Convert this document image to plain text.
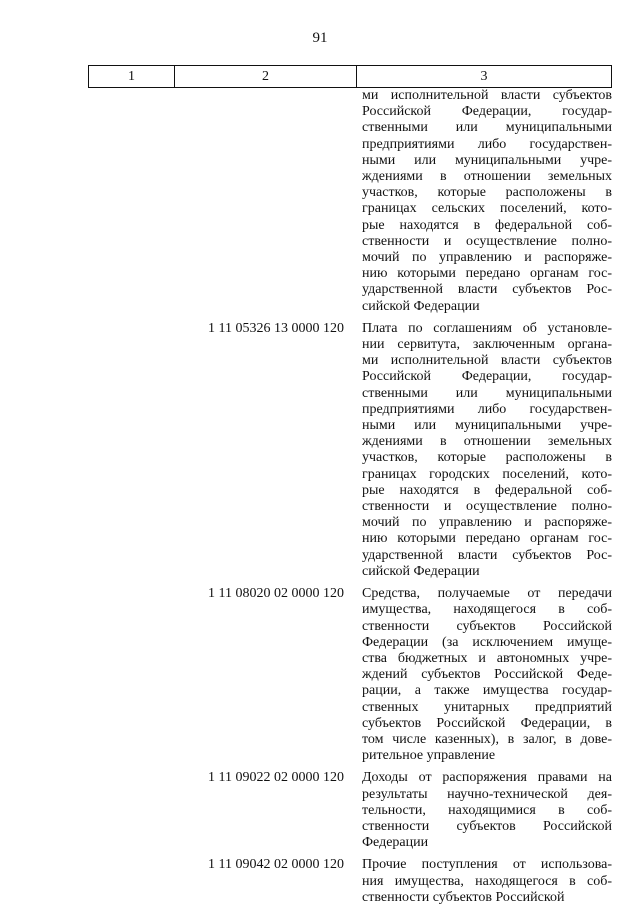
91
1	2	3
ми исполнительной власти субъектов
Российской Федерации, государ-
ственными или муниципальными
предприятиями либо государствен-
ными или муниципальными учре-
ждениями в отношении земельных
участков, которые расположены в
границах сельских поселений, кото-
рые находятся в федеральной соб-
ственности и осуществление полно-
мочий по управлению и распоряже-
нию которыми передано органам гос-
ударственной власти субъектов Рос-
сийской Федерации
1 11 05326 13 0000 120	Плата по соглашениям об установле-
нии сервитута, заключенным органа-
ми исполнительной власти субъектов
Российской Федерации, государ-
ственными или муниципальными
предприятиями либо государствен-
ными или муниципальными учре-
ждениями в отношении земельных
участков, которые расположены в
границах городских поселений, кото-
рые находятся в федеральной соб-
ственности и осуществление полно-
мочий по управлению и распоряже-
нию которыми передано органам гос-
ударственной власти субъектов Рос-
сийской Федерации
1 11 08020 02 0000 120	Средства, получаемые от передачи
имущества, находящегося в соб-
ственности субъектов Российской
Федерации (за исключением имуще-
ства бюджетных и автономных учре-
ждений субъектов Российской Феде-
рации, а также имущества государ-
ственных унитарных предприятий
субъектов Российской Федерации, в
том числе казенных), в залог, в дове-
рительное управление
1 11 09022 02 0000 120	Доходы от распоряжения правами на
результаты научно-технической дея-
тельности, находящимися в соб-
ственности субъектов Российской
Федерации
1 11 09042 02 0000 120	Прочие поступления от использова-
ния имущества, находящегося в соб-
ственности субъектов Российской
